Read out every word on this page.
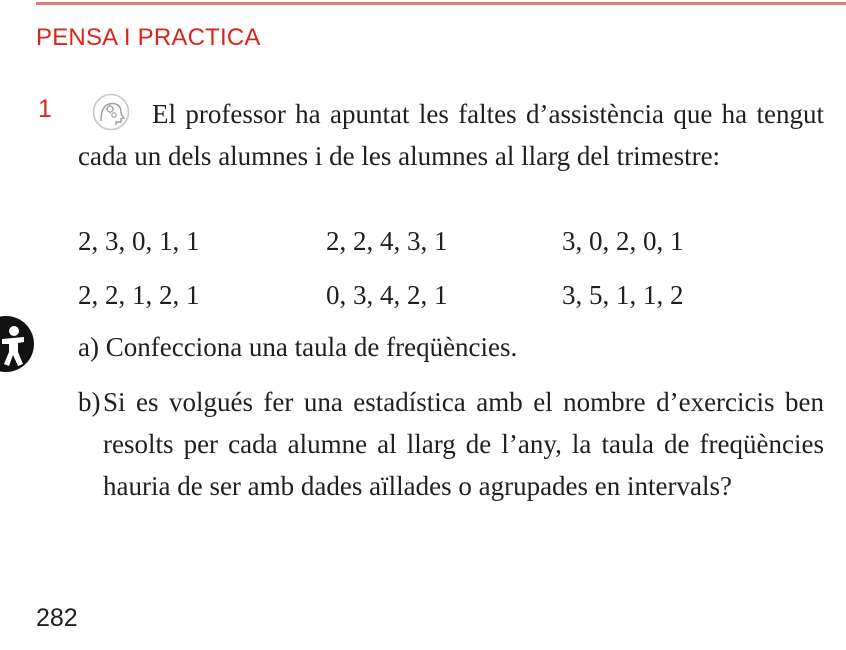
PENSA I PRACTICA
1	El professor ha apuntat les faltes d’assistència que ha tengut cada un dels alumnes i de les alumnes al llarg del trimestre:

2, 3, 0, 1, 1	2, 2, 4, 3, 1	3, 0, 2, 0, 1
2, 2, 1, 2, 1	0, 3, 4, 2, 1	3, 5, 1, 1, 2

a) Confecciona una taula de freqüències.

b) Si es volgués fer una estadística amb el nombre d’exercicis ben resolts per cada alumne al llarg de l’any, la taula de freqüències hauria de ser amb dades aïllades o agrupades en intervals?

282
